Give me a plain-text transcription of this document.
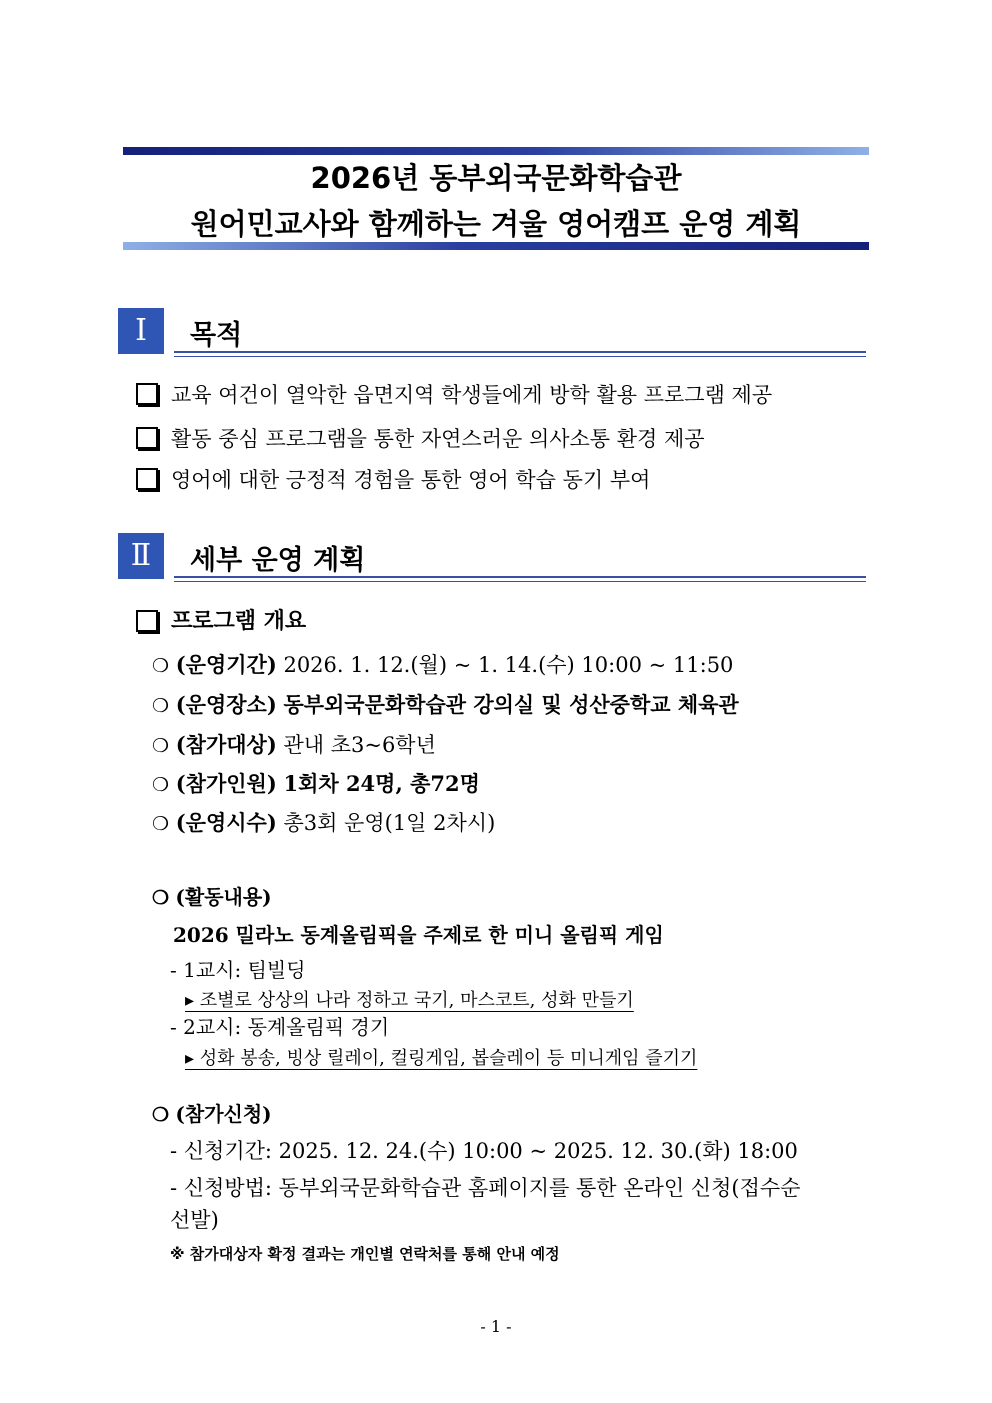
2026년 동부외국문화학습관
원어민교사와 함께하는 겨울 영어캠프 운영 계획
Ⅰ	목적
교육 여건이 열악한 읍면지역 학생들에게 방학 활용 프로그램 제공
활동 중심 프로그램을 통한 자연스러운 의사소통 환경 제공
영어에 대한 긍정적 경험을 통한 영어 학습 동기 부여
Ⅱ	세부 운영 계획
프로그램 개요
❍ (운영기간) 2026. 1. 12.(월) ~ 1. 14.(수) 10:00 ~ 11:50
❍ (운영장소) 동부외국문화학습관 강의실 및 성산중학교 체육관
❍ (참가대상) 관내 초3~6학년
❍ (참가인원) 1회차 24명, 총72명
❍ (운영시수) 총3회 운영(1일 2차시)
❍ (활동내용)
2026 밀라노 동계올림픽을 주제로 한 미니 올림픽 게임
- 1교시: 팀빌딩
▸ 조별로 상상의 나라 정하고 국기, 마스코트, 성화 만들기
- 2교시: 동계올림픽 경기
▸ 성화 봉송, 빙상 릴레이, 컬링게임, 봅슬레이 등 미니게임 즐기기
❍ (참가신청)
- 신청기간: 2025. 12. 24.(수) 10:00 ~ 2025. 12. 30.(화) 18:00
- 신청방법: 동부외국문화학습관 홈페이지를 통한 온라인 신청(접수순
선발)
※ 참가대상자 확정 결과는 개인별 연락처를 통해 안내 예정
- 1 -
